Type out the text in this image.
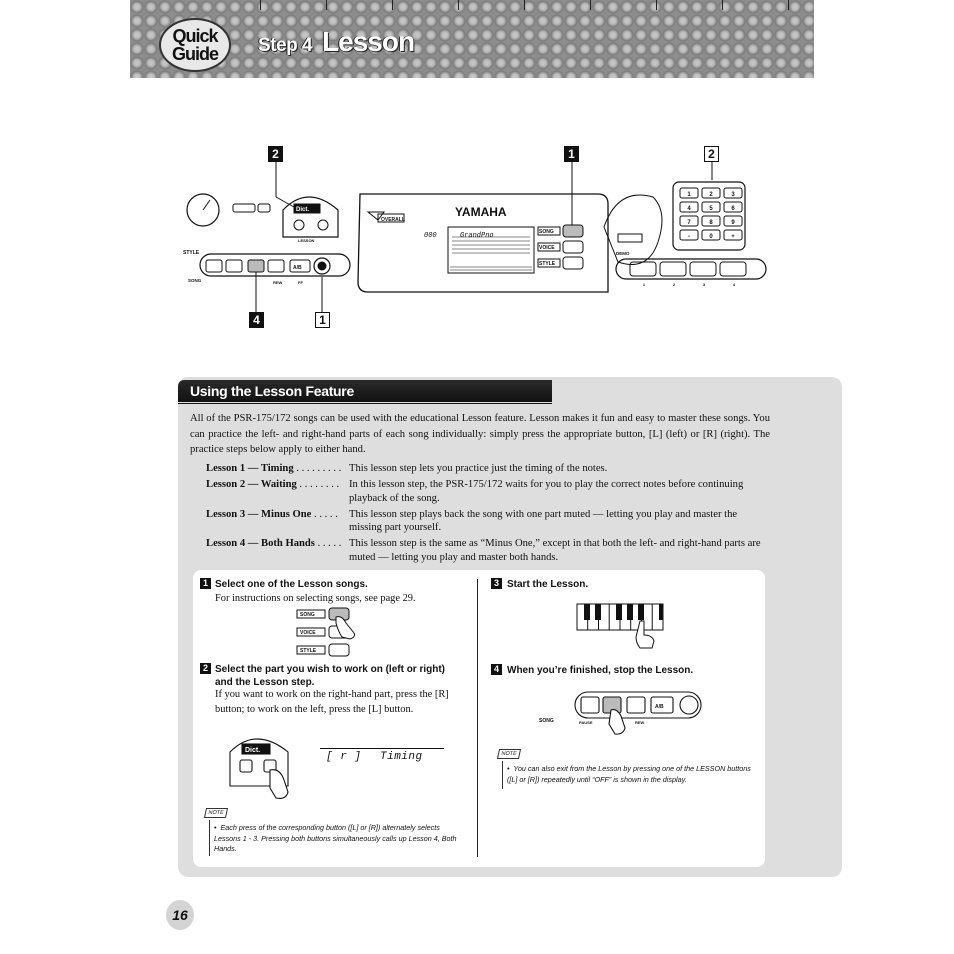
Quick
Guide Step 4 Lesson
2	1	2
4	1
YAMAHA
OVERALL
SONG
VOICE
STYLE
Dict.
LESSON
STYLE
SONG
A/B
REW	FF
DEMO
000	GrandPno
1	2	3
4	5	6
7	8	9
-	0	+
1	2	3	4
Using the Lesson Feature

All of the PSR-175/172 songs can be used with the educational Lesson feature. Lesson makes it fun and easy to master these songs. You can practice the left- and right-hand parts of each song individually: simply press the appropriate button, [L] (left) or [R] (right). The practice steps below apply to either hand.

Lesson 1 — Timing . . . . . . . . . This lesson step lets you practice just the timing of the notes.
Lesson 2 — Waiting . . . . . . . . In this lesson step, the PSR-175/172 waits for you to play the correct notes before continuing playback of the song.
Lesson 3 — Minus One . . . . .	This lesson step plays back the song with one part muted — letting you play and master the missing part yourself.
Lesson 4 — Both Hands . . . . . This lesson step is the same as “Minus One,” except in that both the left- and right-hand parts are muted — letting you play and master both hands.
1 Select one of the Lesson songs.
For instructions on selecting songs, see page 29.
SONG
VOICE
STYLE
2 Select the part you wish to work on (left or right) and the Lesson step.
If you want to work on the right-hand part, press the [R] button; to work on the left, press the [L] button.
Dict.
[ r ] Timing
NOTE
•  Each press of the corresponding button ([L] or [R]) alternately selects Lessons 1 - 3. Pressing both buttons simultaneously calls up Lesson 4, Both Hands.
3 Start the Lesson.
4 When you’re finished, stop the Lesson.
SONG
A/B
REW
PAUSE
NOTE
•  You can also exit from the Lesson by pressing one of the LESSON buttons ([L] or [R]) repeatedly until “OFF” is shown in the display.
16
